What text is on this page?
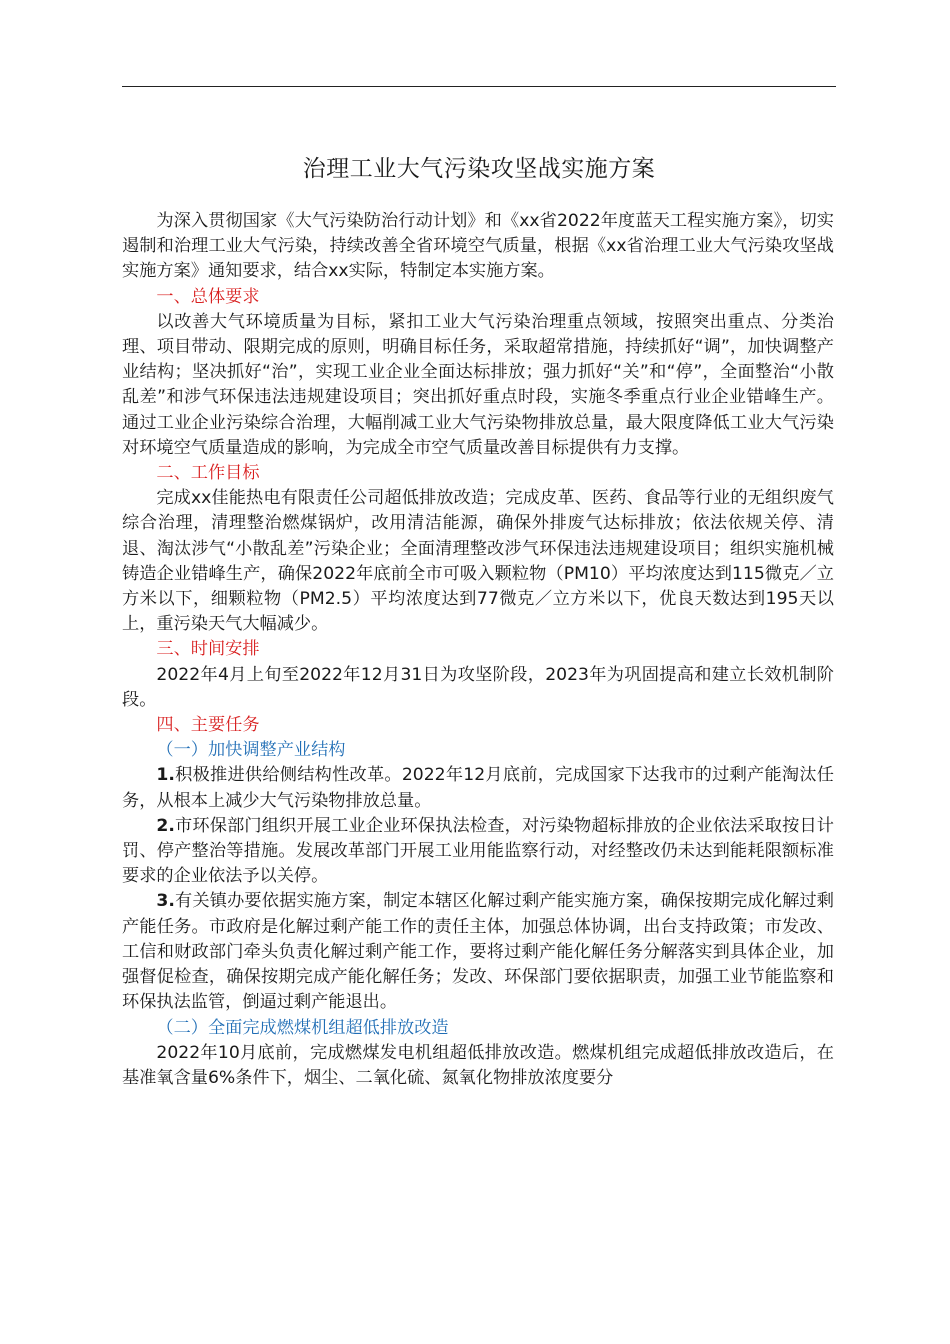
治理工业大气污染攻坚战实施方案

为深入贯彻国家《大气污染防治行动计划》和《xx省2022年度蓝天工程实施方案》，切实遏制和治理工业大气污染，持续改善全省环境空气质量，根据《xx省治理工业大气污染攻坚战实施方案》通知要求，结合xx实际，特制定本实施方案。

一、总体要求

以改善大气环境质量为目标，紧扣工业大气污染治理重点领域，按照突出重点、分类治理、项目带动、限期完成的原则，明确目标任务，采取超常措施，持续抓好“调”，加快调整产业结构；坚决抓好“治”，实现工业企业全面达标排放；强力抓好“关”和“停”，全面整治“小散乱差”和涉气环保违法违规建设项目；突出抓好重点时段，实施冬季重点行业企业错峰生产。通过工业企业污染综合治理，大幅削减工业大气污染物排放总量，最大限度降低工业大气污染对环境空气质量造成的影响，为完成全市空气质量改善目标提供有力支撑。

二、工作目标

完成xx佳能热电有限责任公司超低排放改造；完成皮革、医药、食品等行业的无组织废气综合治理，清理整治燃煤锅炉，改用清洁能源，确保外排废气达标排放；依法依规关停、清退、淘汰涉气“小散乱差”污染企业；全面清理整改涉气环保违法违规建设项目；组织实施机械铸造企业错峰生产，确保2022年底前全市可吸入颗粒物（PM10）平均浓度达到115微克／立方米以下，细颗粒物（PM2.5）平均浓度达到77微克／立方米以下，优良天数达到195天以上，重污染天气大幅减少。

三、时间安排

2022年4月上旬至2022年12月31日为攻坚阶段，2023年为巩固提高和建立长效机制阶段。

四、主要任务

（一）加快调整产业结构

1.积极推进供给侧结构性改革。2022年12月底前，完成国家下达我市的过剩产能淘汰任务，从根本上减少大气污染物排放总量。

2.市环保部门组织开展工业企业环保执法检查，对污染物超标排放的企业依法采取按日计罚、停产整治等措施。发展改革部门开展工业用能监察行动，对经整改仍未达到能耗限额标准要求的企业依法予以关停。

3.有关镇办要依据实施方案，制定本辖区化解过剩产能实施方案，确保按期完成化解过剩产能任务。市政府是化解过剩产能工作的责任主体，加强总体协调，出台支持政策；市发改、工信和财政部门牵头负责化解过剩产能工作，要将过剩产能化解任务分解落实到具体企业，加强督促检查，确保按期完成产能化解任务；发改、环保部门要依据职责，加强工业节能监察和环保执法监管，倒逼过剩产能退出。

（二）全面完成燃煤机组超低排放改造

2022年10月底前，完成燃煤发电机组超低排放改造。燃煤机组完成超低排放改造后，在基准氧含量6%条件下，烟尘、二氧化硫、氮氧化物排放浓度要分
